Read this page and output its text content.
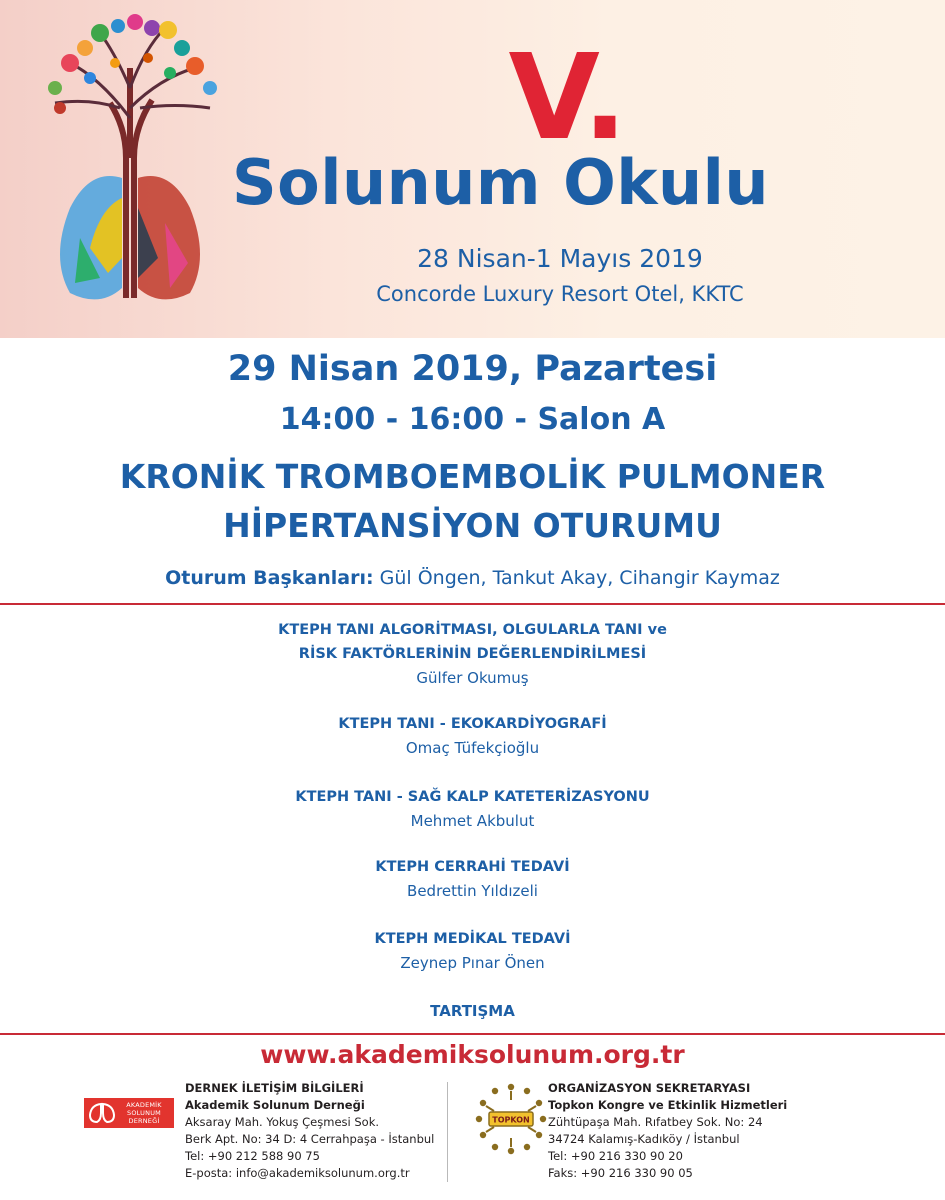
V.
Solunum Okulu
28 Nisan-1 Mayıs 2019
Concorde Luxury Resort Otel, KKTC
29 Nisan 2019, Pazartesi
14:00 - 16:00 - Salon A
KRONİK TROMBOEMBOLİK PULMONER
HİPERTANSİYON OTURUMU
Oturum Başkanları: Gül Öngen, Tankut Akay, Cihangir Kaymaz
KTEPH TANI ALGORİTMASI, OLGULARLA TANI ve
RİSK FAKTÖRLERİNİN DEĞERLENDİRİLMESİ
Gülfer Okumuş
KTEPH TANI - EKOKARDİYOGRAFİ
Omaç Tüfekçioğlu
KTEPH TANI - SAĞ KALP KATETERİZASYONU
Mehmet Akbulut
KTEPH CERRAHİ TEDAVİ
Bedrettin Yıldızeli
KTEPH MEDİKAL TEDAVİ
Zeynep Pınar Önen
TARTIŞMA
www.akademiksolunum.org.tr
AKADEMİK SOLUNUM DERNEĞİ
DERNEK İLETİŞİM BİLGİLERİ
Akademik Solunum Derneği
Aksaray Mah. Yokuş Çeşmesi Sok.
Berk Apt. No: 34 D: 4 Cerrahpaşa - İstanbul
Tel: +90 212 588 90 75
E-posta: info@akademiksolunum.org.tr
TOPKON
ORGANİZASYON SEKRETARYASI
Topkon Kongre ve Etkinlik Hizmetleri
Zühtüpaşa Mah. Rıfatbey Sok. No: 24
34724 Kalamış-Kadıköy / İstanbul
Tel: +90 216 330 90 20
Faks: +90 216 330 90 05
